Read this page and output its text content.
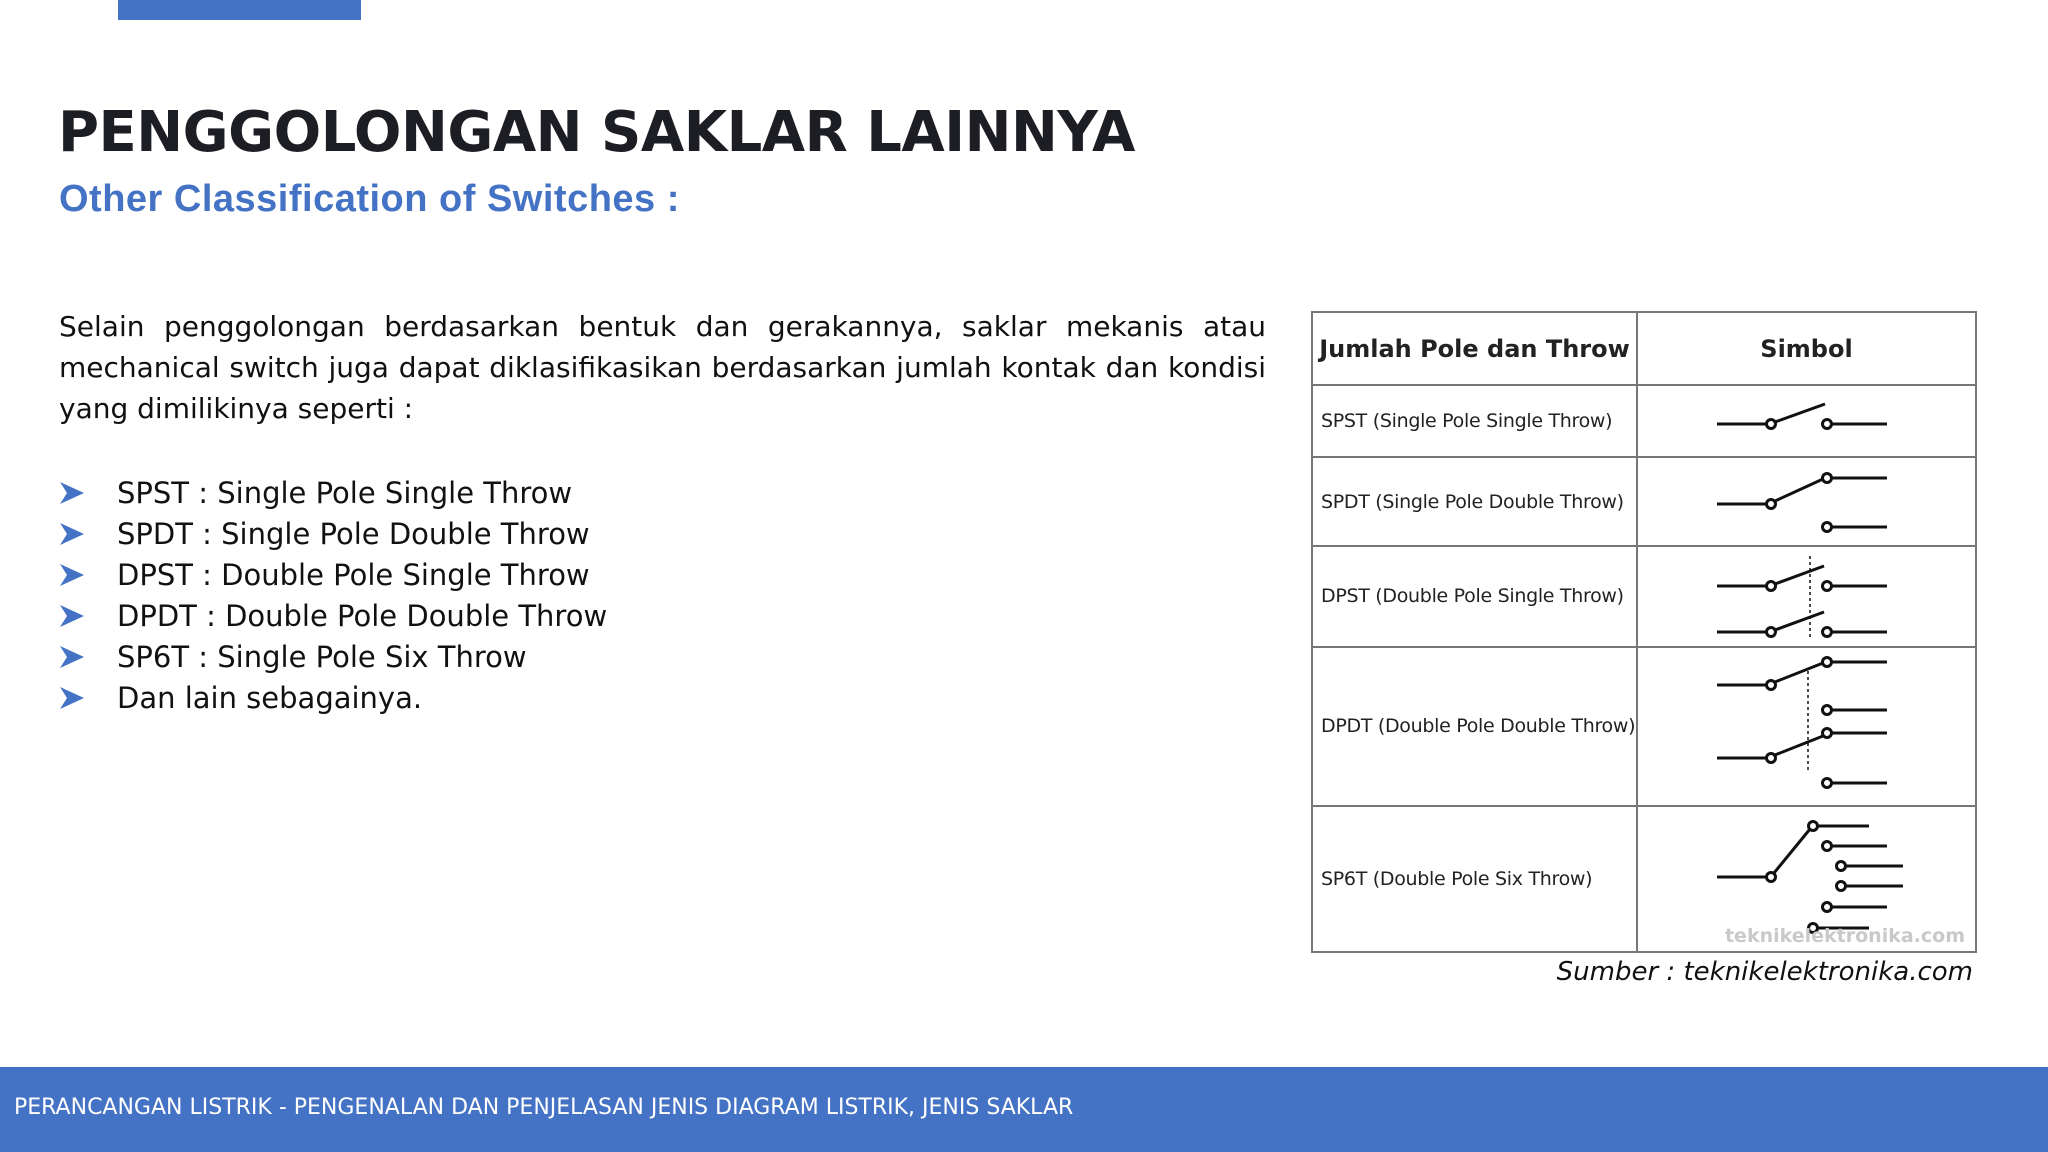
PENGGOLONGAN SAKLAR LAINNYA
Other Classification of Switches :

Selain penggolongan berdasarkan bentuk dan gerakannya, saklar mekanis atau mechanical switch juga dapat diklasifikasikan berdasarkan jumlah kontak dan kondisi yang dimilikinya seperti :

SPST : Single Pole Single Throw
SPDT : Single Pole Double Throw
DPST : Double Pole Single Throw
DPDT : Double Pole Double Throw
SP6T : Single Pole Six Throw
Dan lain sebagainya.
Jumlah Pole dan Throw	Simbol
SPST (Single Pole Single Throw)	

SPDT (Single Pole Double Throw)	

DPST (Double Pole Single Throw)	

DPDT (Double Pole Double Throw)	

SP6T (Double Pole Six Throw)	teknikelektronika.com
Sumber : teknikelektronika.com
PERANCANGAN LISTRIK - PENGENALAN DAN PENJELASAN JENIS DIAGRAM LISTRIK, JENIS SAKLAR
